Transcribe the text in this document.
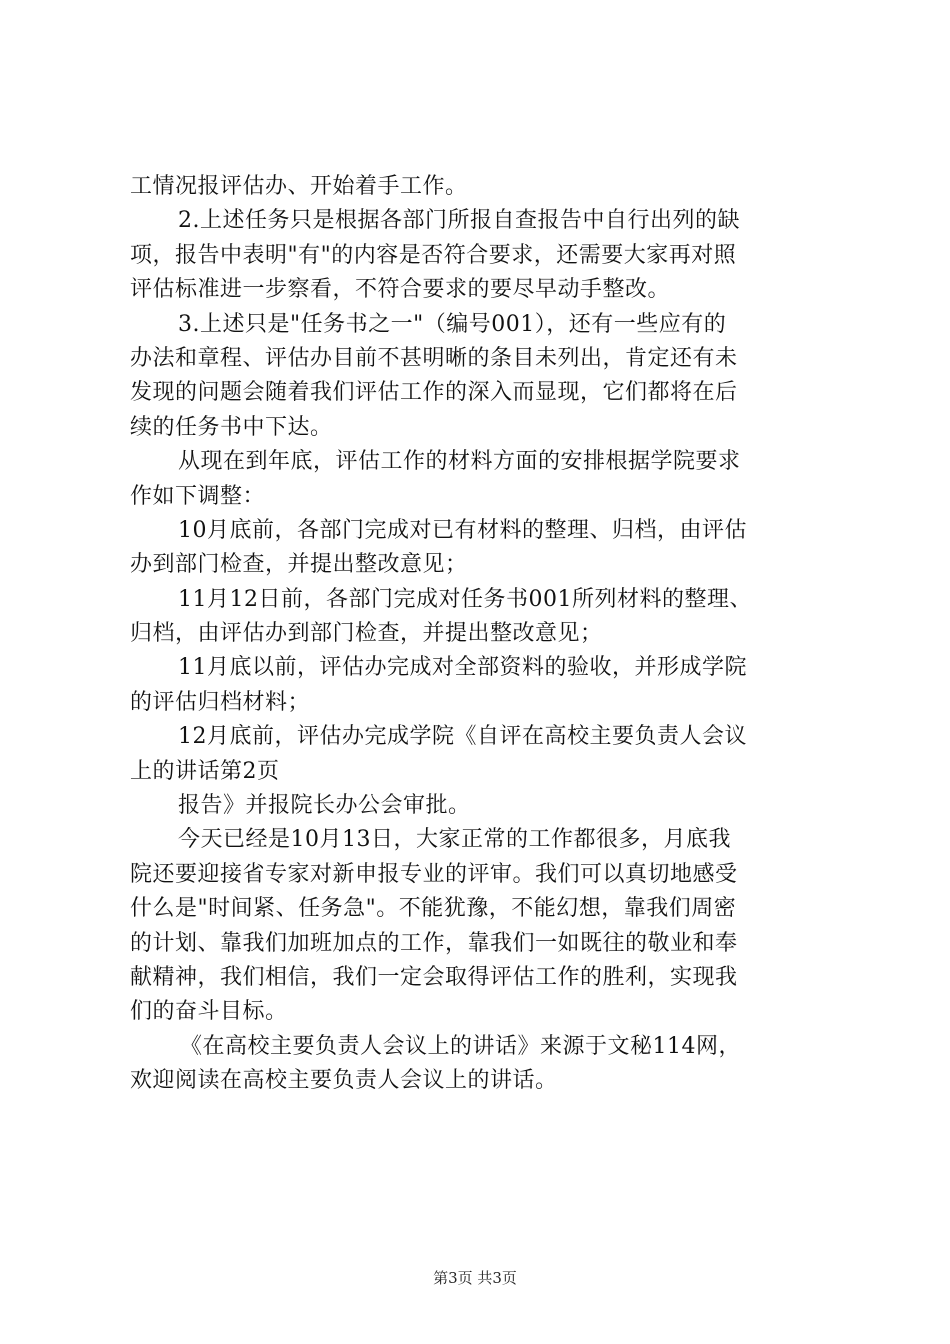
工情况报评估办、开始着手工作。
2.上述任务只是根据各部门所报自查报告中自行出列的缺
项，报告中表明"有"的内容是否符合要求，还需要大家再对照
评估标准进一步察看，不符合要求的要尽早动手整改。
3.上述只是"任务书之一"（编号001），还有一些应有的
办法和章程、评估办目前不甚明晰的条目未列出，肯定还有未
发现的问题会随着我们评估工作的深入而显现，它们都将在后
续的任务书中下达。
从现在到年底，评估工作的材料方面的安排根据学院要求
作如下调整：
10月底前，各部门完成对已有材料的整理、归档，由评估
办到部门检查，并提出整改意见；
11月12日前，各部门完成对任务书001所列材料的整理、
归档，由评估办到部门检查，并提出整改意见；
11月底以前，评估办完成对全部资料的验收，并形成学院
的评估归档材料；
12月底前，评估办完成学院《自评在高校主要负责人会议
上的讲话第2页
报告》并报院长办公会审批。
今天已经是10月13日，大家正常的工作都很多，月底我
院还要迎接省专家对新申报专业的评审。我们可以真切地感受
什么是"时间紧、任务急"。不能犹豫，不能幻想，靠我们周密
的计划、靠我们加班加点的工作，靠我们一如既往的敬业和奉
献精神，我们相信，我们一定会取得评估工作的胜利，实现我
们的奋斗目标。
《在高校主要负责人会议上的讲话》来源于文秘114网，
欢迎阅读在高校主要负责人会议上的讲话。
第3页 共3页
